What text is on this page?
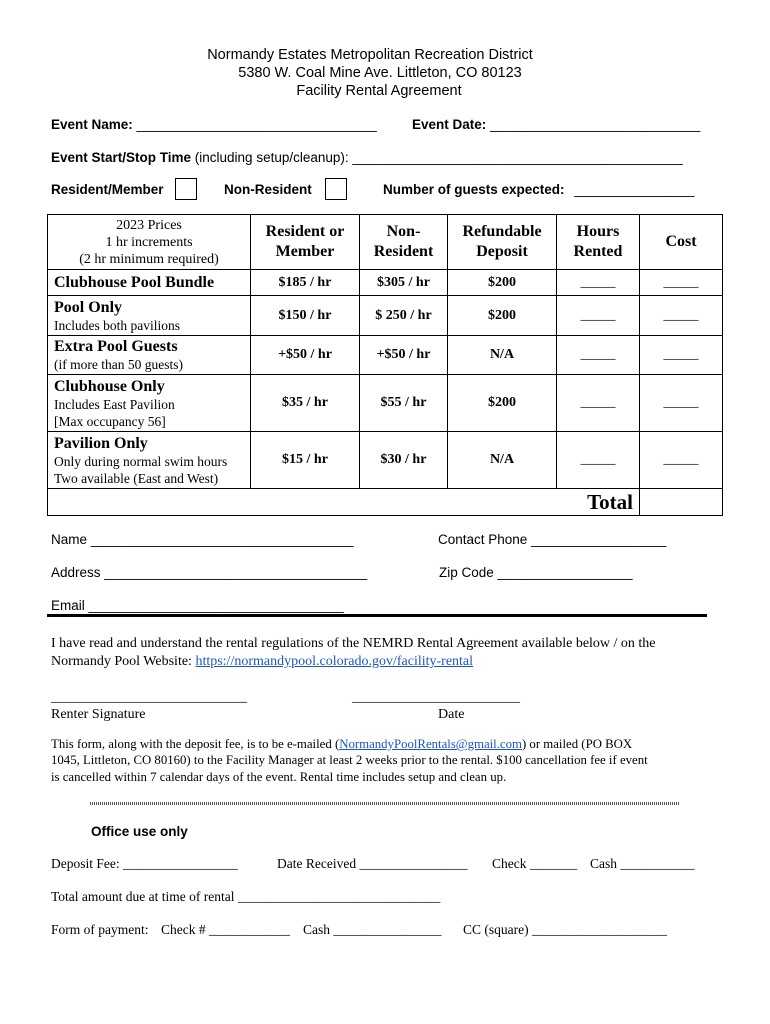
Normandy Estates Metropolitan Recreation District
5380 W. Coal Mine Ave. Littleton, CO 80123
Facility Rental Agreement
Event Name: ________________________________	Event Date: ____________________________
Event Start/Stop Time (including setup/cleanup): ____________________________________________
Resident/Member	Non-Resident	Number of guests expected: ________________
2023 Prices
1 hr increments
(2 hr minimum required)	Resident or Member	Non-Resident	Refundable Deposit	Hours Rented	Cost
Clubhouse Pool Bundle	$185 / hr	$305 / hr	$200	_____	_____
Pool Only
Includes both pavilions	$150 / hr	$ 250 / hr	$200	_____	_____
Extra Pool Guests
(if more than 50 guests)	+$50 / hr	+$50 / hr	N/A	_____	_____
Clubhouse Only
Includes East Pavilion
[Max occupancy 56]	$35 / hr	$55 / hr	$200	_____	_____
Pavilion Only
Only during normal swim hours
Two available (East and West)	$15 / hr	$30 / hr	N/A	_____	_____
Total					
Name ___________________________________	Contact Phone __________________
Address ___________________________________	Zip Code __________________
Email __________________________________
I have read and understand the rental regulations of the NEMRD Rental Agreement available below / on the
Normandy Pool Website: https://normandypool.colorado.gov/facility-rental
____________________________	________________________
Renter Signature	Date
This form, along with the deposit fee, is to be e-mailed (NormandyPoolRentals@gmail.com) or mailed (PO BOX
1045, Littleton, CO 80160) to the Facility Manager at least 2 weeks prior to the rental. $100 cancellation fee if event
is cancelled within 7 calendar days of the event. Rental time includes setup and clean up.
Office use only
Deposit Fee: _________________	Date Received ________________ Check _______ Cash ___________
Total amount due at time of rental ______________________________
Form of payment: Check # ____________ Cash ________________ CC (square) ____________________
